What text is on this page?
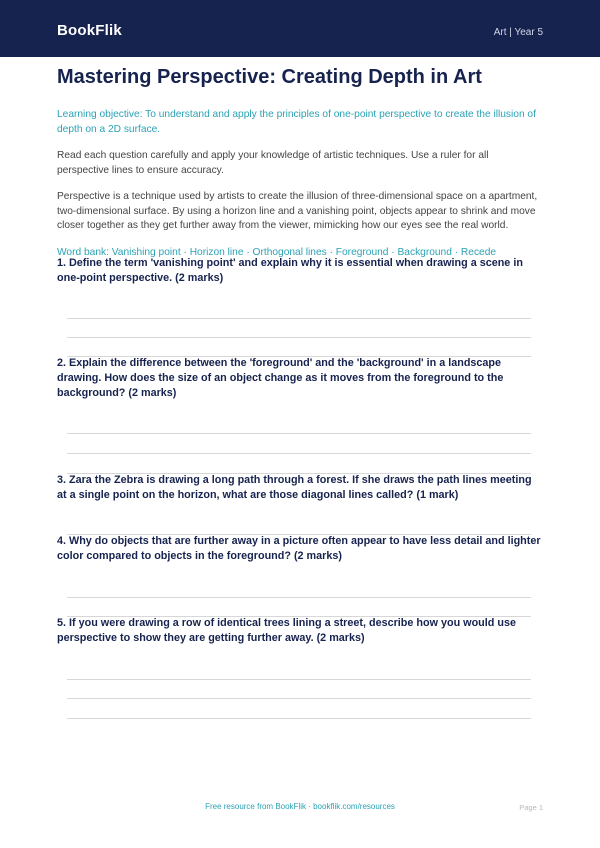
BookFlik	Art | Year 5
Mastering Perspective: Creating Depth in Art

Learning objective: To understand and apply the principles of one-point perspective to create the illusion of depth on a 2D surface.

Read each question carefully and apply your knowledge of artistic techniques. Use a ruler for all perspective lines to ensure accuracy.

Perspective is a technique used by artists to create the illusion of three-dimensional space on a apartment, two-dimensional surface. By using a horizon line and a vanishing point, objects appear to shrink and move closer together as they get further away from the viewer, mimicking how our eyes see the real world.

Word bank: Vanishing point · Horizon line · Orthogonal lines · Foreground · Background · Recede

1. Define the term 'vanishing point' and explain why it is essential when drawing a scene in one-point perspective. (2 marks)
2. Explain the difference between the 'foreground' and the 'background' in a landscape drawing. How does the size of an object change as it moves from the foreground to the background? (2 marks)
3. Zara the Zebra is drawing a long path through a forest. If she draws the path lines meeting at a single point on the horizon, what are those diagonal lines called? (1 mark)
4. Why do objects that are further away in a picture often appear to have less detail and lighter color compared to objects in the foreground? (2 marks)
5. If you were drawing a row of identical trees lining a street, describe how you would use perspective to show they are getting further away. (2 marks)
Free resource from BookFlik · bookflik.com/resources	Page 1
